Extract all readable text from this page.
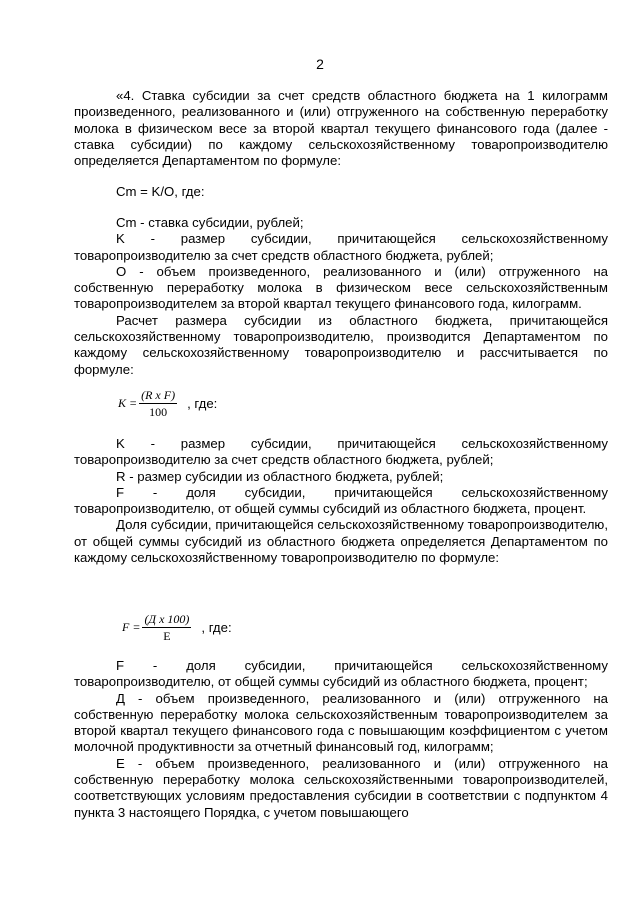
2

«4. Ставка субсидии за счет средств областного бюджета на 1 килограмм произведенного, реализованного и (или) отгруженного на собственную переработку молока в физическом весе за второй квартал текущего финансового года (далее - ставка субсидии) по каждому сельскохозяйственному товаропроизводителю определяется Департаментом по формуле:

Сm = K/O, где:

Сm - ставка субсидии, рублей;

K - размер субсидии, причитающейся сельскохозяйственному товаропроизводителю за счет средств областного бюджета, рублей;

O - объем произведенного, реализованного и (или) отгруженного на собственную переработку молока в физическом весе сельскохозяйственным товаропроизводителем за второй квартал текущего финансового года, килограмм.

Расчет размера субсидии из областного бюджета, причитающейся сельскохозяйственному товаропроизводителю, производится Департаментом по каждому сельскохозяйственному товаропроизводителю и рассчитывается по формуле:

$K = \frac{\text{(R x F)}}{100}$ , где:

K - размер субсидии, причитающейся сельскохозяйственному товаропроизводителю за счет средств областного бюджета, рублей;

R - размер субсидии из областного бюджета, рублей;

F - доля субсидии, причитающейся сельскохозяйственному товаропроизводителю, от общей суммы субсидий из областного бюджета, процент.

Доля субсидии, причитающейся сельскохозяйственному товаропроизводителю, от общей суммы субсидий из областного бюджета определяется Департаментом по каждому сельскохозяйственному товаропроизводителю по формуле:

$F = \frac{\text{(Д x 100)}}{E}$ , где:

F - доля субсидии, причитающейся сельскохозяйственному товаропроизводителю, от общей суммы субсидий из областного бюджета, процент;

Д - объем произведенного, реализованного и (или) отгруженного на собственную переработку молока сельскохозяйственным товаропроизводителем за второй квартал текущего финансового года с повышающим коэффициентом с учетом молочной продуктивности за отчетный финансовый год, килограмм;

E - объем произведенного, реализованного и (или) отгруженного на собственную переработку молока сельскохозяйственными товаропроизводителей, соответствующих условиям предоставления субсидии в соответствии с подпунктом 4 пункта 3 настоящего Порядка, с учетом повышающего
